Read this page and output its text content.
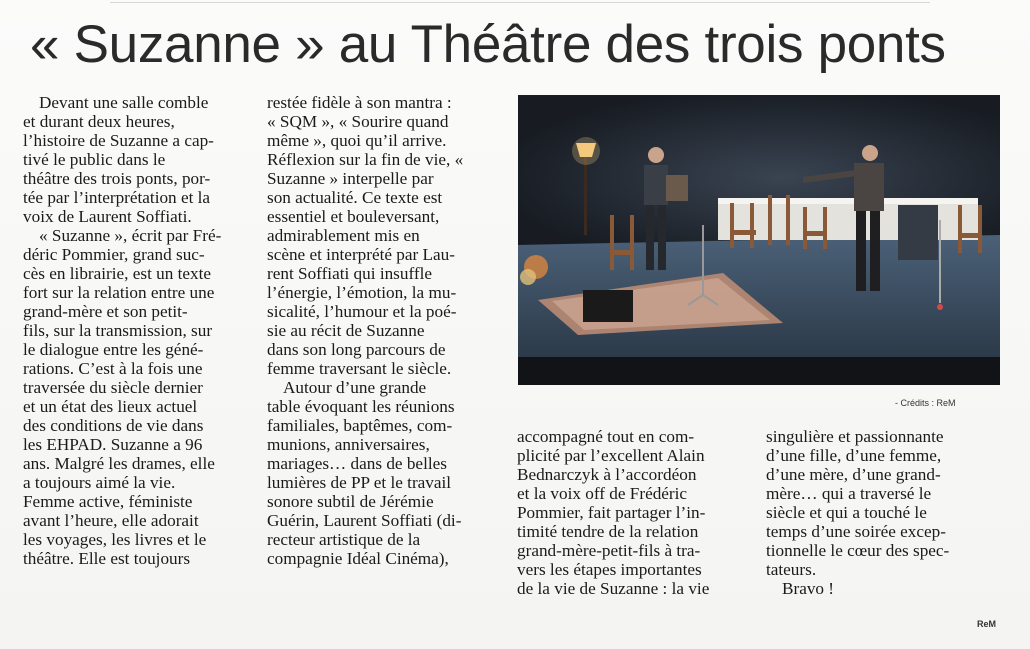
« Suzanne » au Théâtre des trois ponts
Devant une salle comble
et durant deux heures,
l’histoire de Suzanne a cap-
tivé le public dans le
théâtre des trois ponts, por-
tée par l’interprétation et la
voix de Laurent Soffiati.
« Suzanne », écrit par Fré-
déric Pommier, grand suc-
cès en librairie, est un texte
fort sur la relation entre une
grand-mère et son petit-
fils, sur la transmission, sur
le dialogue entre les géné-
rations. C’est à la fois une
traversée du siècle dernier
et un état des lieux actuel
des conditions de vie dans
les EHPAD. Suzanne a 96
ans. Malgré les drames, elle
a toujours aimé la vie.
Femme active, féministe
avant l’heure, elle adorait
les voyages, les livres et le
théâtre. Elle est toujours
restée fidèle à son mantra :
« SQM », « Sourire quand
même », quoi qu’il arrive.
Réflexion sur la fin de vie, «
Suzanne » interpelle par
son actualité. Ce texte est
essentiel et bouleversant,
admirablement mis en
scène et interprété par Lau-
rent Soffiati qui insuffle
l’énergie, l’émotion, la mu-
sicalité, l’humour et la poé-
sie au récit de Suzanne
dans son long parcours de
femme traversant le siècle.
Autour d’une grande
table évoquant les réunions
familiales, baptêmes, com-
munions, anniversaires,
mariages… dans de belles
lumières de PP et le travail
sonore subtil de Jérémie
Guérin, Laurent Soffiati (di-
recteur artistique de la
compagnie Idéal Cinéma),
- Crédits : ReM
accompagné tout en com-
plicité par l’excellent Alain
Bednarczyk à l’accordéon
et la voix off de Frédéric
Pommier, fait partager l’in-
timité tendre de la relation
grand-mère-petit-fils à tra-
vers les étapes importantes
de la vie de Suzanne : la vie
singulière et passionnante
d’une fille, d’une femme,
d’une mère, d’une grand-
mère… qui a traversé le
siècle et qui a touché le
temps d’une soirée excep-
tionnelle le cœur des spec-
tateurs.
Bravo !
ReM
